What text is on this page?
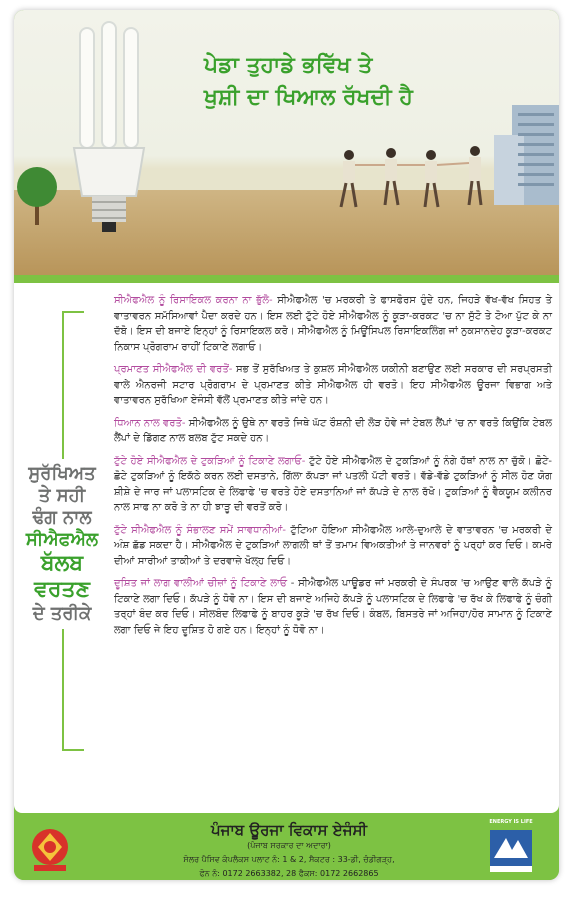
ਪੇਡਾ ਤੁਹਾਡੇ ਭਵਿੱਖ ਤੇ
ਖੁਸ਼ੀ ਦਾ ਖਿਆਲ ਰੱਖਦੀ ਹੈ
ਸੁਰੱਖਿਅਤ
ਤੇ ਸਹੀ
ਢੰਗ ਨਾਲ
ਸੀਐਫਐਲ
ਬੱਲਬ
ਵਰਤਣ
ਦੇ ਤਰੀਕੇ

ਸੀਐਫਐਲ ਨੂੰ ਰਿਸਾਇਕਲ ਕਰਨਾ ਨਾ ਭੁੱਲੋ- ਸੀਐਫਐਲ 'ਚ ਮਰਕਰੀ ਤੇ ਫਾਸਫੋਰਸ ਹੁੰਦੇ ਹਨ, ਜਿਹੜੇ ਵੱਖ-ਵੱਖ ਸਿਹਤ ਤੇ ਵਾਤਾਵਰਨ ਸਮੱਸਿਆਵਾਂ ਪੈਦਾ ਕਰਦੇ ਹਨ। ਇਸ ਲਈ ਟੁੱਟੇ ਹੋਏ ਸੀਐਫਐਲ ਨੂੰ ਕੂੜਾ-ਕਰਕਟ 'ਚ ਨਾ ਸੁੱਟੋ ਤੇ ਟੋਆ ਪੁੱਟ ਕੇ ਨਾ ਦੱਬੋ। ਇਸ ਦੀ ਬਜਾਏ ਇਨ੍ਹਾਂ ਨੂੰ ਰਿਸਾਇਕਲ ਕਰੋ। ਸੀਐਫਐਲ ਨੂੰ ਮਿਊਂਸਿਪਲ ਰਿਸਾਇਕਲਿੰਗ ਜਾਂ ਨੁਕਸਾਨਦੇਹ ਕੂੜਾ-ਕਰਕਟ ਨਿਕਾਸ ਪ੍ਰੋਗਰਾਮ ਰਾਹੀਂ ਟਿਕਾਣੇ ਲਗਾਓ।

ਪ੍ਰਮਾਣਤ ਸੀਐਫਐਲ ਦੀ ਵਰਤੋਂ- ਸਭ ਤੋਂ ਸੁਰੱਖਿਅਤ ਤੇ ਕੁਸ਼ਲ ਸੀਐਫਐਲ ਯਕੀਨੀ ਬਣਾਉਣ ਲਈ ਸਰਕਾਰ ਦੀ ਸਰਪ੍ਰਸਤੀ ਵਾਲੇ ਐਨਰਜੀ ਸਟਾਰ ਪ੍ਰੋਗਰਾਮ ਦੇ ਪ੍ਰਮਾਣਤ ਕੀਤੇ ਸੀਐਫਐਲ ਹੀ ਵਰਤੋ। ਇਹ ਸੀਐਫਐਲ ਊਰਜਾ ਵਿਭਾਗ ਅਤੇ ਵਾਤਾਵਰਨ ਸੁਰੱਖਿਆ ਏਜੰਸੀ ਵੱਲੋਂ ਪ੍ਰਮਾਣਤ ਕੀਤੇ ਜਾਂਦੇ ਹਨ।

ਧਿਆਨ ਨਾਲ ਵਰਤੋ- ਸੀਐਫਐਲ ਨੂੰ ਉਥੇ ਨਾ ਵਰਤੋ ਜਿਥੇ ਘੱਟ ਰੌਸ਼ਨੀ ਦੀ ਲੋੜ ਹੋਵੇ ਜਾਂ ਟੇਬਲ ਲੈਂਪਾਂ 'ਚ ਨਾ ਵਰਤੋ ਕਿਉਂਕਿ ਟੇਬਲ ਲੈਂਪਾਂ ਦੇ ਡਿੱਗਣ ਨਾਲ ਬਲਬ ਟੁੱਟ ਸਕਦੇ ਹਨ।

ਟੁੱਟੇ ਹੋਏ ਸੀਐਫਐਲ ਦੇ ਟੁਕੜਿਆਂ ਨੂੰ ਟਿਕਾਣੇ ਲਗਾਓ- ਟੁੱਟੇ ਹੋਏ ਸੀਐਫਐਲ ਦੇ ਟੁਕੜਿਆਂ ਨੂੰ ਨੰਗੇ ਹੱਥਾਂ ਨਾਲ ਨਾ ਚੁੱਕੋ। ਛੋਟੇ-ਛੋਟੇ ਟੁਕੜਿਆਂ ਨੂੰ ਇਕੱਠੇ ਕਰਨ ਲਈ ਦਸਤਾਨੇ, ਗਿੱਲਾ ਕੱਪੜਾ ਜਾਂ ਪਤਲੀ ਪੱਟੀ ਵਰਤੋ। ਵੱਡੇ-ਵੱਡੇ ਟੁਕੜਿਆਂ ਨੂੰ ਸੀਲ ਹੋਣ ਯੋਗ ਸ਼ੀਸ਼ੇ ਦੇ ਜਾਰ ਜਾਂ ਪਲਾਸਟਿਕ ਦੇ ਲਿਫਾਫੇ 'ਚ ਵਰਤੇ ਹੋਏ ਦਸਤਾਨਿਆਂ ਜਾਂ ਕੱਪੜੇ ਦੇ ਨਾਲ ਰੱਖੋ। ਟੁਕੜਿਆਂ ਨੂੰ ਵੈਕਯੂਮ ਕਲੀਨਰ ਨਾਲ ਸਾਫ ਨਾ ਕਰੋ ਤੇ ਨਾ ਹੀ ਝਾੜੂ ਦੀ ਵਰਤੋਂ ਕਰੋ।

ਟੁੱਟੇ ਸੀਐਫਐਲ ਨੂੰ ਸੰਭਾਲਣ ਸਮੇਂ ਸਾਵਧਾਨੀਆਂ- ਟੁੱਟਿਆ ਹੋਇਆ ਸੀਐਫਐਲ ਆਲੇ-ਦੁਆਲੇ ਦੇ ਵਾਤਾਵਰਨ 'ਚ ਮਰਕਰੀ ਦੇ ਅੰਸ਼ ਛੱਡ ਸਕਦਾ ਹੈ। ਸੀਐਫਐਲ ਦੇ ਟੁਕੜਿਆਂ ਲਾਗਲੀ ਥਾਂ ਤੋਂ ਤਮਾਮ ਵਿਅਕਤੀਆਂ ਤੇ ਜਾਨਵਰਾਂ ਨੂੰ ਪਰ੍ਹਾਂ ਕਰ ਦਿਓ। ਕਮਰੇ ਦੀਆਂ ਸਾਰੀਆਂ ਤਾਕੀਆਂ ਤੇ ਦਰਵਾਜ਼ੇ ਖੋਲ੍ਹ ਦਿਓ।

ਦੂਸ਼ਿਤ ਜਾਂ ਲਾਗ ਵਾਲੀਆਂ ਚੀਜ਼ਾਂ ਨੂੰ ਟਿਕਾਣੇ ਲਾਓ - ਸੀਐਫਐਲ ਪਾਊਡਰ ਜਾਂ ਮਰਕਰੀ ਦੇ ਸੰਪਰਕ 'ਚ ਆਉਣ ਵਾਲੇ ਕੱਪੜੇ ਨੂੰ ਟਿਕਾਣੇ ਲਗਾ ਦਿਓ। ਕੱਪੜੇ ਨੂੰ ਧੋਵੋ ਨਾ। ਇਸ ਦੀ ਬਜਾਏ ਅਜਿਹੇ ਕੱਪੜੇ ਨੂੰ ਪਲਾਸਟਿਕ ਦੇ ਲਿਫਾਫੇ 'ਚ ਰੱਖ ਕੇ ਲਿਫਾਫੇ ਨੂੰ ਚੰਗੀ ਤਰ੍ਹਾਂ ਬੰਦ ਕਰ ਦਿਓ। ਸੀਲਬੰਦ ਲਿਫਾਫੇ ਨੂੰ ਬਾਹਰ ਕੂੜੇ 'ਚ ਰੱਖ ਦਿਓ। ਕੰਬਲ, ਬਿਸਤਰੇ ਜਾਂ ਅਜਿਹਾ/ਹੋਰ ਸਾਮਾਨ ਨੂੰ ਟਿਕਾਣੇ ਲਗਾ ਦਿਓ ਜੇ ਇਹ ਦੂਸ਼ਿਤ ਹੋ ਗਏ ਹਨ। ਇਨ੍ਹਾਂ ਨੂੰ ਧੋਵੋ ਨਾ।

ਪੰਜਾਬ ਊਰਜਾ ਵਿਕਾਸ ਏਜੰਸੀ
(ਪੰਜਾਬ ਸਰਕਾਰ ਦਾ ਅਦਾਰਾ)
ਸੋਲਰ ਪੈਸਿਵ ਕੰਪਲੈਕਸ ਪਲਾਟ ਨੰ: 1 & 2, ਸੈਕਟਰ : 33-ਡੀ, ਚੰਡੀਗੜ੍ਹ,
ਫੋਨ ਨੰ: 0172 2663382, 28 ਫੈਕਸ: 0172 2662865
ENERGY IS LIFE
